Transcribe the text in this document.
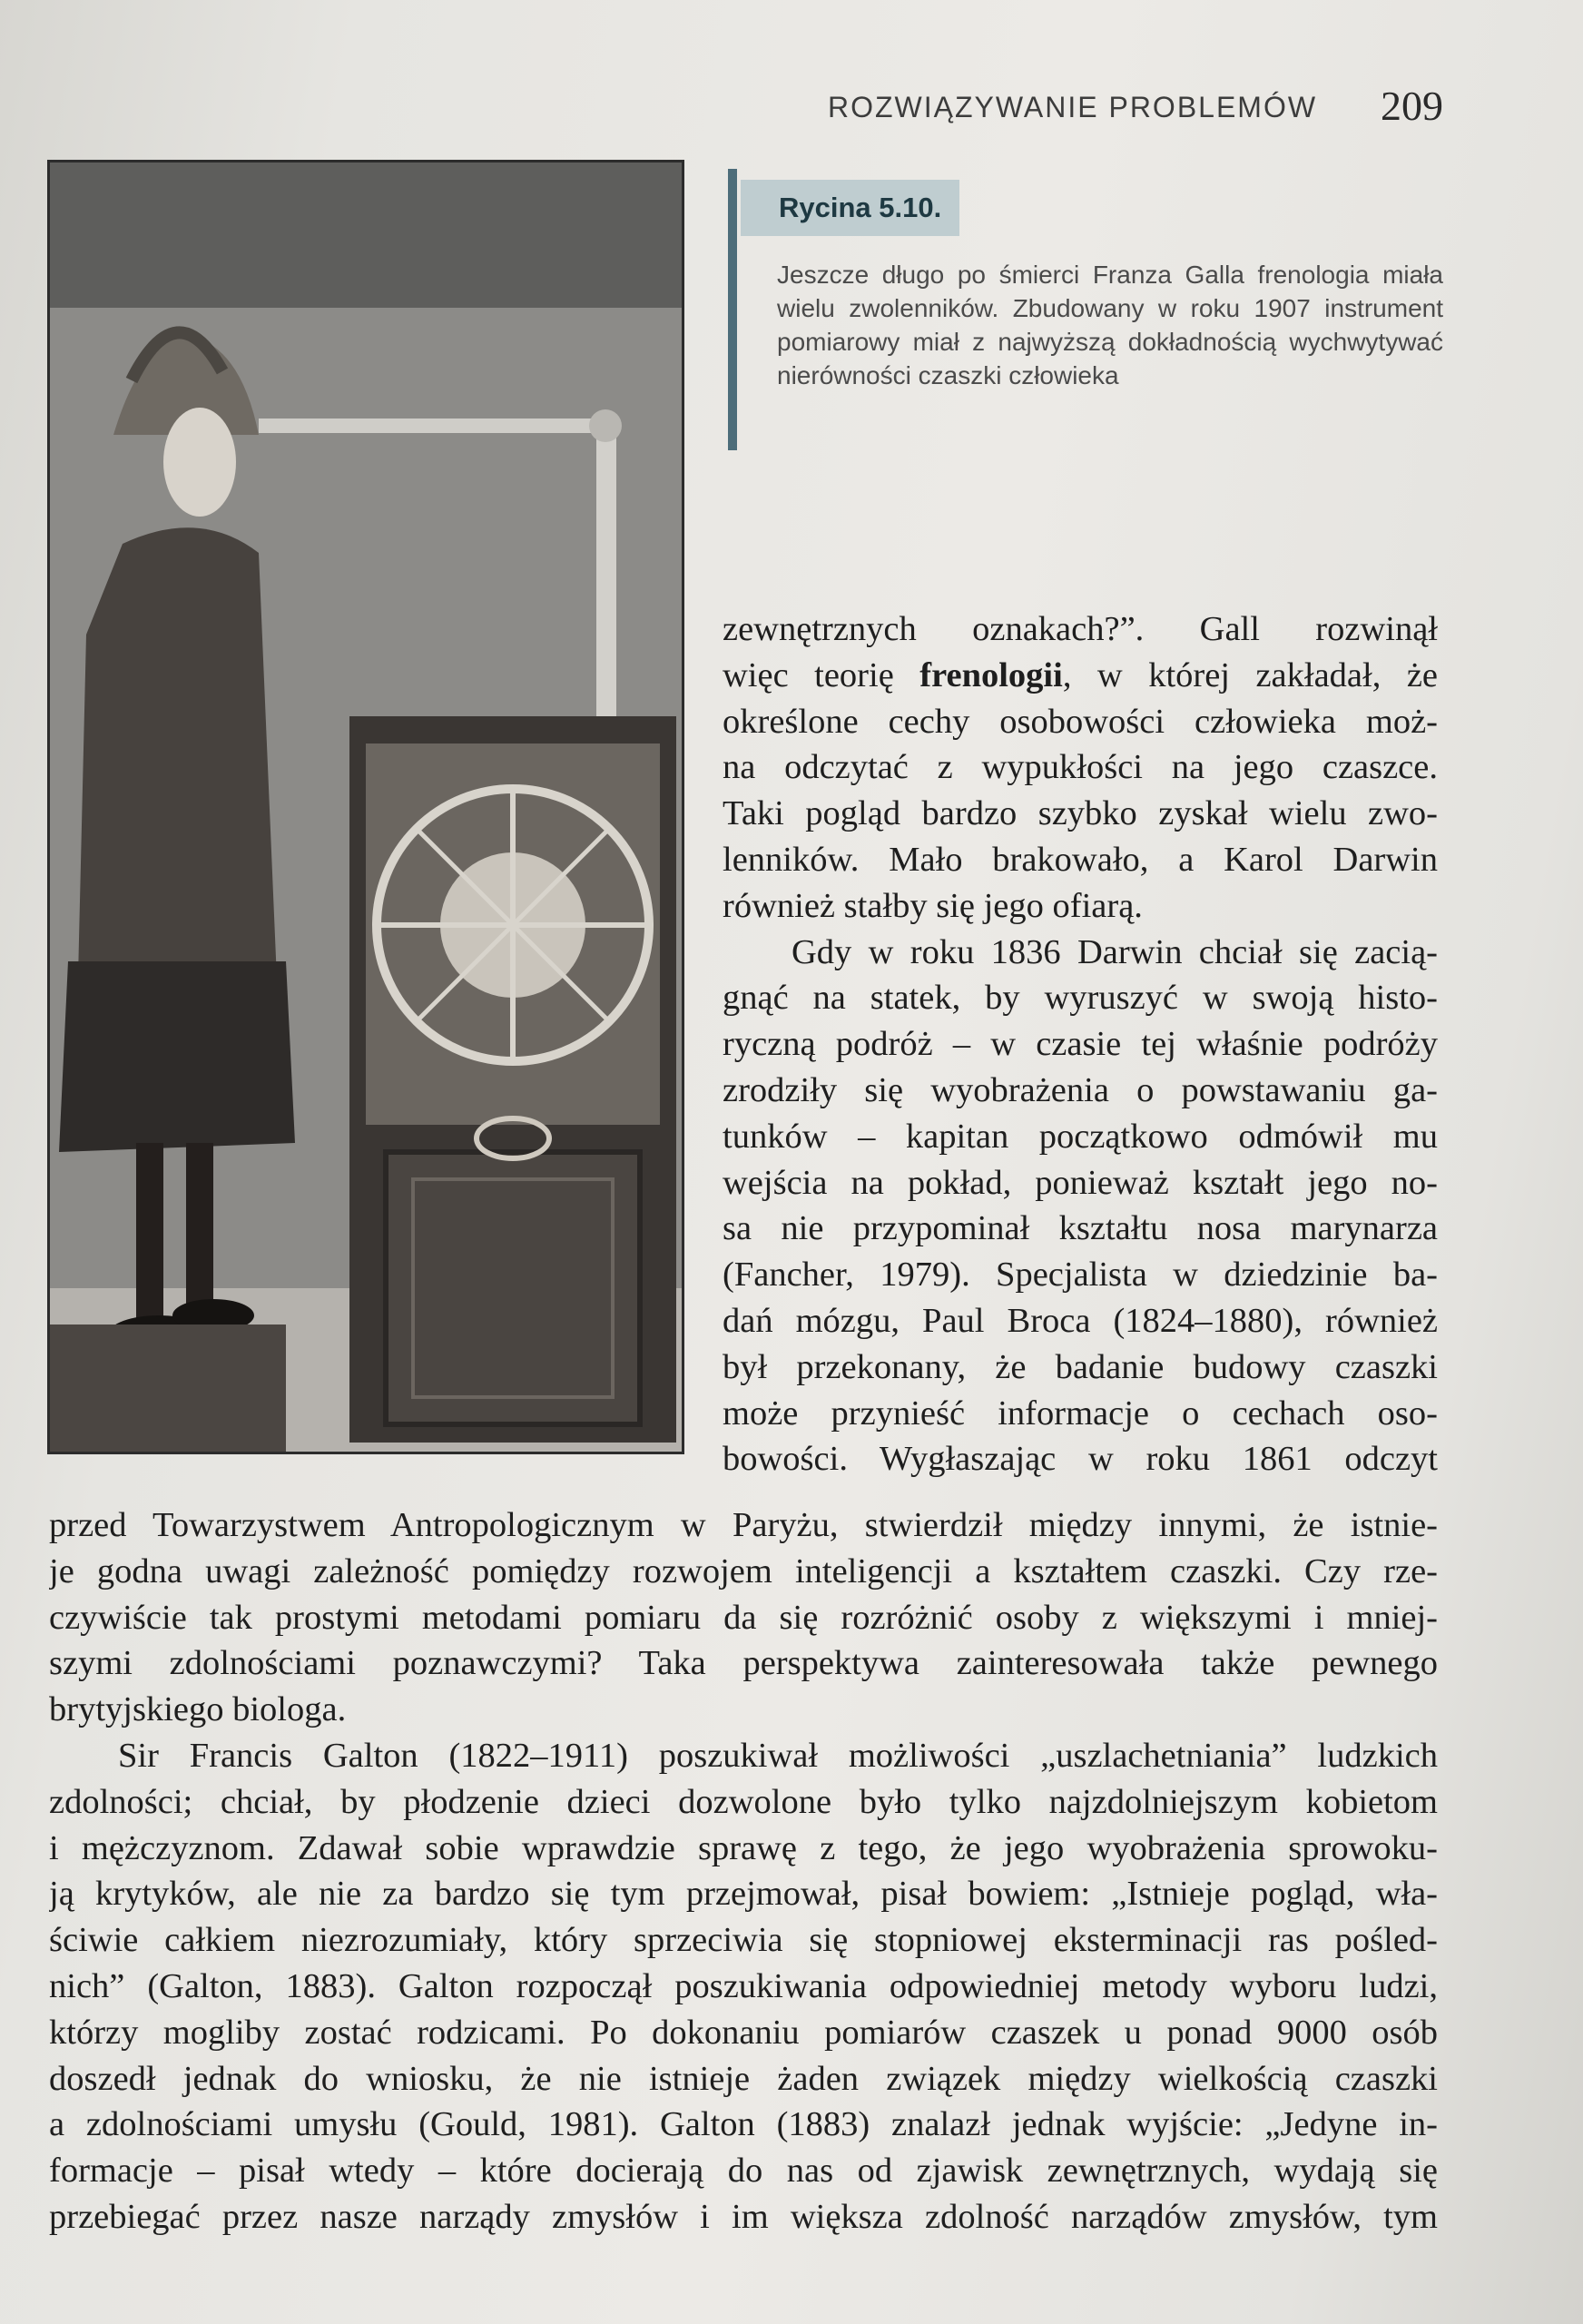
ROZWIĄZYWANIE PROBLEMÓW 209
Rycina 5.10.
Jeszcze długo po śmierci Franza Galla frenologia miała wielu zwolenników. Zbudowany w roku 1907 instrument pomiarowy miał z najwyższą dokładnością wychwytywać nierówności czaszki człowieka
zewnętrznych oznakach?”. Gall rozwinął
więc teorię frenologii, w której zakładał, że
określone cechy osobowości człowieka moż-
na odczytać z wypukłości na jego czaszce.
Taki pogląd bardzo szybko zyskał wielu zwo-
lenników. Mało brakowało, a Karol Darwin
również stałby się jego ofiarą.
Gdy w roku 1836 Darwin chciał się zacią-
gnąć na statek, by wyruszyć w swoją histo-
ryczną podróż – w czasie tej właśnie podróży
zrodziły się wyobrażenia o powstawaniu ga-
tunków – kapitan początkowo odmówił mu
wejścia na pokład, ponieważ kształt jego no-
sa nie przypominał kształtu nosa marynarza
(Fancher, 1979). Specjalista w dziedzinie ba-
dań mózgu, Paul Broca (1824–1880), również
był przekonany, że badanie budowy czaszki
może przynieść informacje o cechach oso-
bowości. Wygłaszając w roku 1861 odczyt
przed Towarzystwem Antropologicznym w Paryżu, stwierdził między innymi, że istnie-
je godna uwagi zależność pomiędzy rozwojem inteligencji a kształtem czaszki. Czy rze-
czywiście tak prostymi metodami pomiaru da się rozróżnić osoby z większymi i mniej-
szymi zdolnościami poznawczymi? Taka perspektywa zainteresowała także pewnego
brytyjskiego biologa.
Sir Francis Galton (1822–1911) poszukiwał możliwości „uszlachetniania” ludzkich
zdolności; chciał, by płodzenie dzieci dozwolone było tylko najzdolniejszym kobietom
i mężczyznom. Zdawał sobie wprawdzie sprawę z tego, że jego wyobrażenia sprowoku-
ją krytyków, ale nie za bardzo się tym przejmował, pisał bowiem: „Istnieje pogląd, wła-
ściwie całkiem niezrozumiały, który sprzeciwia się stopniowej eksterminacji ras pośled-
nich” (Galton, 1883). Galton rozpoczął poszukiwania odpowiedniej metody wyboru ludzi,
którzy mogliby zostać rodzicami. Po dokonaniu pomiarów czaszek u ponad 9000 osób
doszedł jednak do wniosku, że nie istnieje żaden związek między wielkością czaszki
a zdolnościami umysłu (Gould, 1981). Galton (1883) znalazł jednak wyjście: „Jedyne in-
formacje – pisał wtedy – które docierają do nas od zjawisk zewnętrznych, wydają się
przebiegać przez nasze narządy zmysłów i im większa zdolność narządów zmysłów, tym
